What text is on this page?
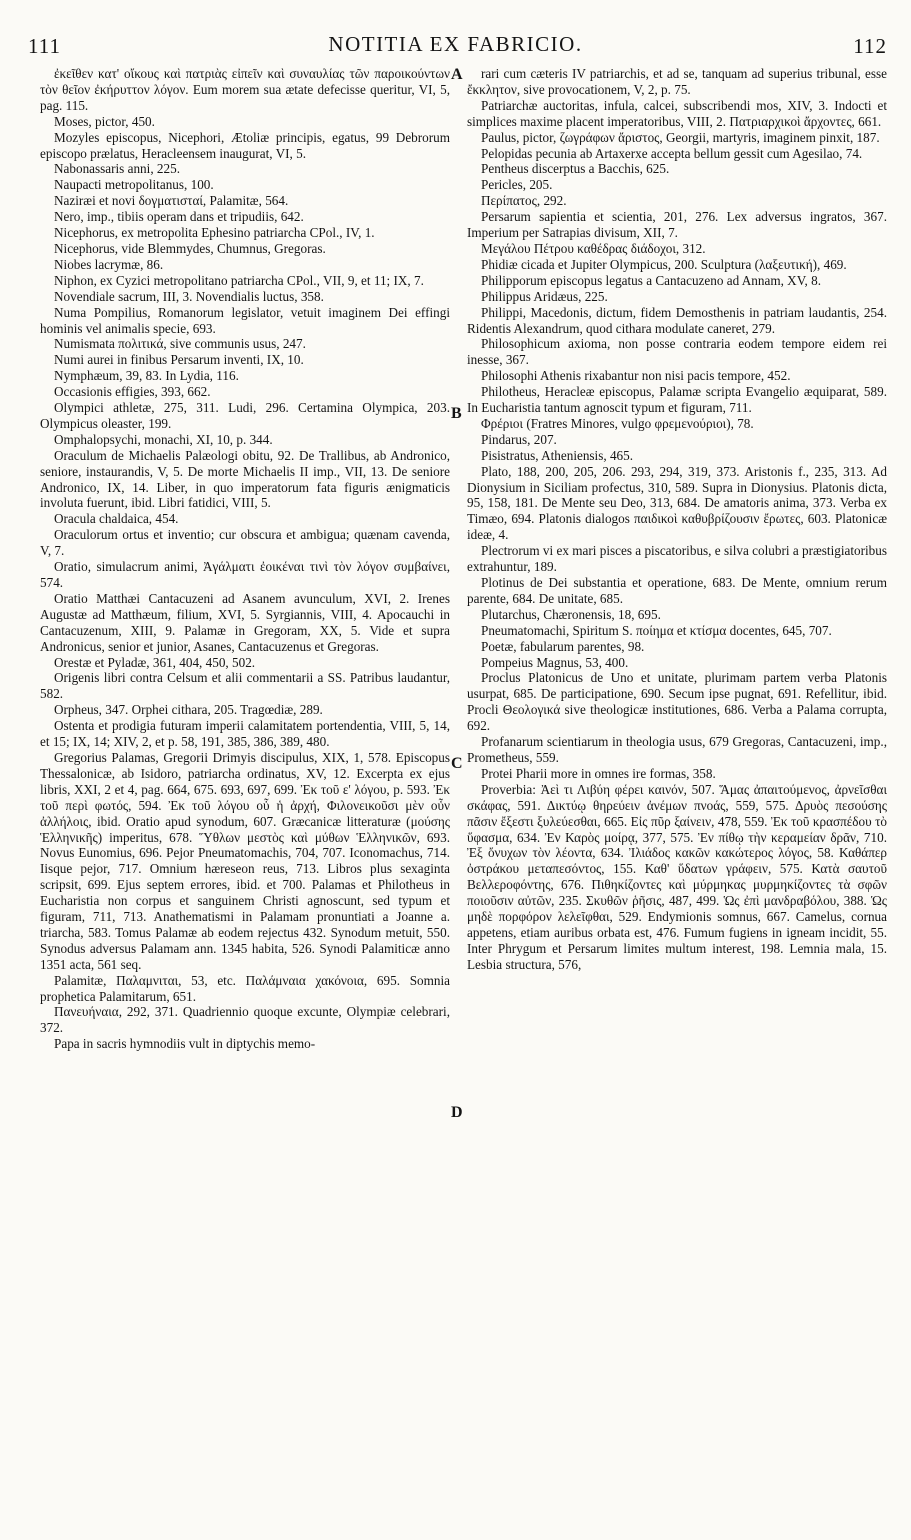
111	NOTITIA EX FABRICIO.	112
A
B
C
D

ἐκεῖθεν κατ' οἴκους καὶ πατριὰς εἰπεῖν καὶ συναυλίας τῶν παροικούντων τὸν θεῖον ἐκήρυττον λόγον. Eum morem sua ætate defecisse queritur, VI, 5, pag. 115.

Moses, pictor, 450.

Mozyles episcopus, Nicephori, Ætoliæ principis, egatus, 99 Debrorum episcopo prælatus, Heracleensem inaugurat, VI, 5.

Nabonassaris anni, 225.

Naupacti metropolitanus, 100.

Naziræi et novi δογματισταί, Palamitæ, 564.

Nero, imp., tibiis operam dans et tripudiis, 642.

Nicephorus, ex metropolita Ephesino patriarcha CPol., IV, 1.

Nicephorus, vide Blemmydes, Chumnus, Gregoras.

Niobes lacrymæ, 86.

Niphon, ex Cyzici metropolitano patriarcha CPol., VII, 9, et 11; IX, 7.

Novendiale sacrum, III, 3. Novendialis luctus, 358.

Numa Pompilius, Romanorum legislator, vetuit imaginem Dei effingi hominis vel animalis specie, 693.

Numismata πολιτικά, sive communis usus, 247.

Numi aurei in finibus Persarum inventi, IX, 10.

Nymphæum, 39, 83. In Lydia, 116.

Occasionis effigies, 393, 662.

Olympici athletæ, 275, 311. Ludi, 296. Certamina Olympica, 203. Olympicus oleaster, 199.

Omphalopsychi, monachi, XI, 10, p. 344.

Oraculum de Michaelis Palæologi obitu, 92. De Trallibus, ab Andronico, seniore, instaurandis, V, 5. De morte Michaelis II imp., VII, 13. De seniore Andronico, IX, 14. Liber, in quo imperatorum fata figuris ænigmaticis involuta fuerunt, ibid. Libri fatidici, VIII, 5.

Oracula chaldaica, 454.

Oraculorum ortus et inventio; cur obscura et ambigua; quænam cavenda, V, 7.

Oratio, simulacrum animi, Ἀγάλματι ἐοικέναι τινὶ τὸν λόγον συμβαίνει, 574.

Oratio Matthæi Cantacuzeni ad Asanem avunculum, XVI, 2. Irenes Augustæ ad Matthæum, filium, XVI, 5. Syrgiannis, VIII, 4. Apocauchi in Cantacuzenum, XIII, 9. Palamæ in Gregoram, XX, 5. Vide et supra Andronicus, senior et junior, Asanes, Cantacuzenus et Gregoras.

Orestæ et Pyladæ, 361, 404, 450, 502.

Origenis libri contra Celsum et alii commentarii a SS. Patribus laudantur, 582.

Orpheus, 347. Orphei cithara, 205. Tragœdiæ, 289.

Ostenta et prodigia futuram imperii calamitatem portendentia, VIII, 5, 14, et 15; IX, 14; XIV, 2, et p. 58, 191, 385, 386, 389, 480.

Gregorius Palamas, Gregorii Drimyis discipulus, XIX, 1, 578. Episcopus Thessalonicæ, ab Isidoro, patriarcha ordinatus, XV, 12. Excerpta ex ejus libris, XXI, 2 et 4, pag. 664, 675. 693, 697, 699. Ἐκ τοῦ ε' λόγου, p. 593. Ἐκ τοῦ περὶ φωτός, 594. Ἐκ τοῦ λόγου οὗ ἡ ἀρχή, Φιλονεικοῦσι μὲν οὖν ἀλλήλοις, ibid. Oratio apud synodum, 607. Græcanicæ litteraturæ (μούσης Ἑλληνικῆς) imperitus, 678. Ὕθλων μεστὸς καὶ μύθων Ἑλληνικῶν, 693. Novus Eunomius, 696. Pejor Pneumatomachis, 704, 707. Iconomachus, 714. Iisque pejor, 717. Omnium hæreseon reus, 713. Libros plus sexaginta scripsit, 699. Ejus septem errores, ibid. et 700. Palamas et Philotheus in Eucharistia non corpus et sanguinem Christi agnoscunt, sed typum et figuram, 711, 713. Anathematismi in Palamam pronuntiati a Joanne a. triarcha, 583. Tomus Palamæ ab eodem rejectus 432. Synodum metuit, 550. Synodus adversus Palamam ann. 1345 habita, 526. Synodi Palamiticæ anno 1351 acta, 561 seq.

Palamitæ, Παλαμνιται, 53, etc. Παλάμναια χακόνοια, 695. Somnia prophetica Palamitarum, 651.

Πανευήναια, 292, 371. Quadriennio quoque excunte, Olympiæ celebrari, 372.

Papa in sacris hymnodiis vult in diptychis memo-

rari cum cæteris IV patriarchis, et ad se, tanquam ad superius tribunal, esse ἔκκλητον, sive provocationem, V, 2, p. 75.

Patriarchæ auctoritas, infula, calcei, subscribendi mos, XIV, 3. Indocti et simplices maxime placent imperatoribus, VIII, 2. Πατριαρχικοὶ ἄρχοντες, 661.

Paulus, pictor, ζωγράφων ἄριστος, Georgii, martyris, imaginem pinxit, 187.

Pelopidas pecunia ab Artaxerxe accepta bellum gessit cum Agesilao, 74.

Pentheus discerptus a Bacchis, 625.

Pericles, 205.

Περίπατος, 292.

Persarum sapientia et scientia, 201, 276. Lex adversus ingratos, 367. Imperium per Satrapias divisum, XII, 7.

Μεγάλου Πέτρου καθέδρας διάδοχοι, 312.

Phidiæ cicada et Jupiter Olympicus, 200. Sculptura (λαξευτική), 469.

Philipporum episcopus legatus a Cantacuzeno ad Annam, XV, 8.

Philippus Aridæus, 225.

Philippi, Macedonis, dictum, fidem Demosthenis in patriam laudantis, 254. Ridentis Alexandrum, quod cithara modulate caneret, 279.

Philosophicum axioma, non posse contraria eodem tempore eidem rei inesse, 367.

Philosophi Athenis rixabantur non nisi pacis tempore, 452.

Philotheus, Heracleæ episcopus, Palamæ scripta Evangelio æquiparat, 589. In Eucharistia tantum agnoscit typum et figuram, 711.

Φρέριοι (Fratres Minores, vulgo φρεμενούριοι), 78.

Pindarus, 207.

Pisistratus, Atheniensis, 465.

Plato, 188, 200, 205, 206. 293, 294, 319, 373. Aristonis f., 235, 313. Ad Dionysium in Siciliam profectus, 310, 589. Supra in Dionysius. Platonis dicta, 95, 158, 181. De Mente seu Deo, 313, 684. De amatoris anima, 373. Verba ex Timæo, 694. Platonis dialogos παιδικοὶ καθυβρίζουσιν ἔρωτες, 603. Platonicæ ideæ, 4.

Plectrorum vi ex mari pisces a piscatoribus, e silva colubri a præstigiatoribus extrahuntur, 189.

Plotinus de Dei substantia et operatione, 683. De Mente, omnium rerum parente, 684. De unitate, 685.

Plutarchus, Chæronensis, 18, 695.

Pneumatomachi, Spiritum S. ποίημα et κτίσμα docentes, 645, 707.

Poetæ, fabularum parentes, 98.

Pompeius Magnus, 53, 400.

Proclus Platonicus de Uno et unitate, plurimam partem verba Platonis usurpat, 685. De participatione, 690. Secum ipse pugnat, 691. Refellitur, ibid. Procli Θεολογικά sive theologicæ institutiones, 686. Verba a Palama corrupta, 692.

Profanarum scientiarum in theologia usus, 679 Gregoras, Cantacuzeni, imp., Prometheus, 559.

Protei Pharii more in omnes ire formas, 358.

Proverbia: Ἀεὶ τι Λιβύη φέρει καινόν, 507. Ἅμας ἀπαιτούμενος, ἀρνεῖσθαι σκάφας, 591. Δικτύῳ θηρεύειν ἀνέμων πνοάς, 559, 575. Δρυὸς πεσούσης πᾶσιν ἔξεστι ξυλεύεσθαι, 665. Εἰς πῦρ ξαίνειν, 478, 559. Ἐκ τοῦ κρασπέδου τὸ ὕφασμα, 634. Ἐν Καρὸς μοίρᾳ, 377, 575. Ἐν πίθῳ τὴν κεραμείαν δρᾶν, 710. Ἐξ ὄνυχων τὸν λέοντα, 634. Ἰλιάδος κακῶν κακώτερος λόγος, 58. Καθάπερ ὀστράκου μεταπεσόντος, 155. Καθ' ὕδατων γράφειν, 575. Κατὰ σαυτοῦ Βελλεροφόντης, 676. Πιθηκίζοντες καὶ μύρμηκας μυρμηκίζοντες τὰ σφῶν ποιοῦσιν αὐτῶν, 235. Σκυθῶν ῥῆσις, 487, 499. Ὡς ἐπὶ μανδραβόλου, 388. Ὡς μηδὲ πορφόρον λελεῖφθαι, 529. Endymionis somnus, 667. Camelus, cornua appetens, etiam auribus orbata est, 476. Fumum fugiens in igneam incidit, 55. Inter Phrygum et Persarum limites multum interest, 198. Lemnia mala, 15. Lesbia structura, 576,
